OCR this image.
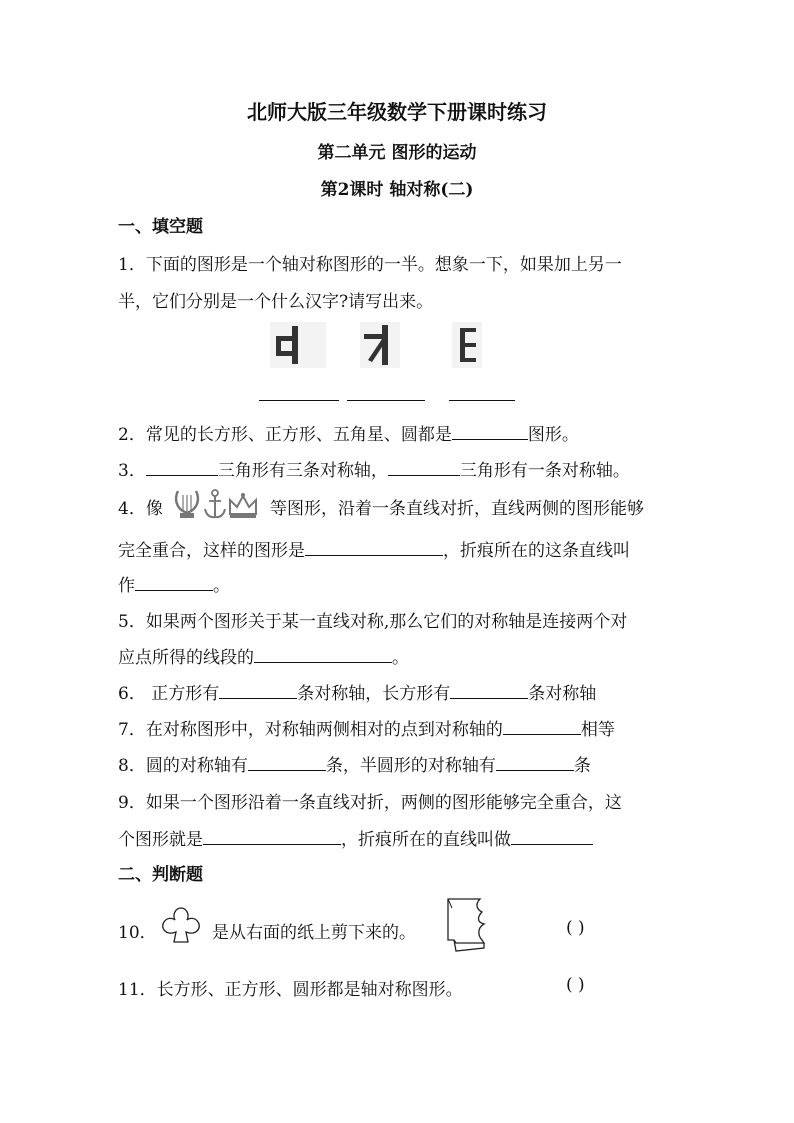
北师大版三年级数学下册课时练习
第二单元 图形的运动
第2课时 轴对称(二)
一、填空题
1．下面的图形是一个轴对称图形的一半。想象一下，如果加上另一
半，它们分别是一个什么汉字?请写出来。
2．常见的长方形、正方形、五角星、圆都是	图形。
3．	三角形有三条对称轴，	三角形有一条对称轴。
4．像	等图形，沿着一条直线对折，直线两侧的图形能够
完全重合，这样的图形是	，折痕所在的这条直线叫
作	。
5．如果两个图形关于某一直线对称,那么它们的对称轴是连接两个对
应点所得的线段的	。
6． 正方形有	条对称轴，长方形有	条对称轴
7．在对称图形中，对称轴两侧相对的点到对称轴的	相等
8．圆的对称轴有	条，半圆形的对称轴有	条
9．如果一个图形沿着一条直线对折，两侧的图形能够完全重合，这
个图形就是	，折痕所在的直线叫做
二、判断题
10．	是从右面的纸上剪下来的。	( )
11．长方形、正方形、圆形都是轴对称图形。	( )
